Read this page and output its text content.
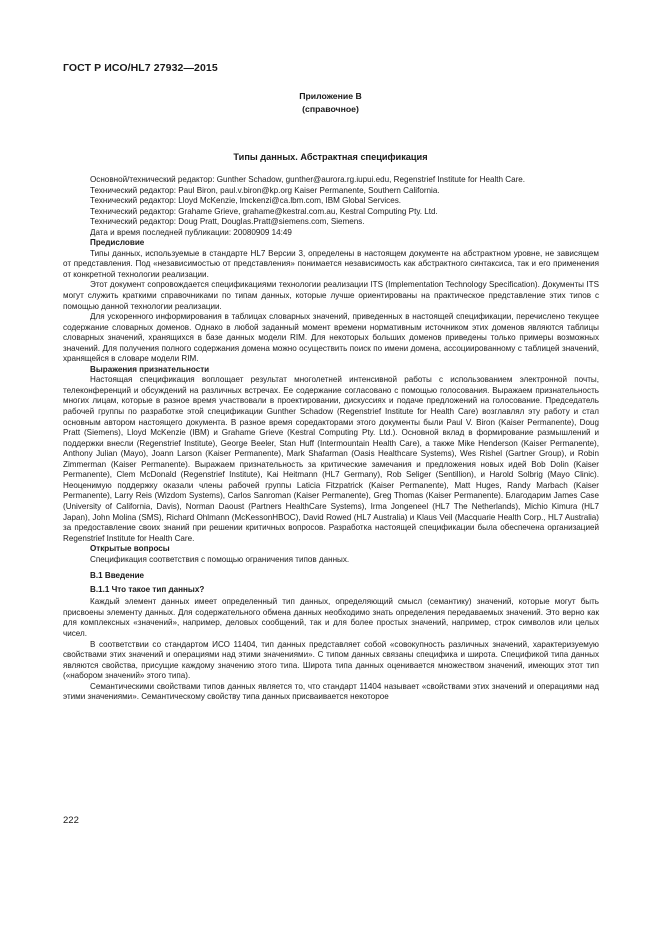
ГОСТ Р ИСО/HL7 27932—2015
Приложение В
(справочное)
Типы данных. Абстрактная спецификация

Основной/технический редактор: Gunther Schadow, gunther@aurora.rg.iupui.edu, Regenstrief Institute for Health Care.

Технический редактор: Paul Biron, paul.v.biron@kp.org Kaiser Permanente, Southern California.

Технический редактор: Lloyd McKenzie, lmckenzi@ca.lbm.com, IBM Global Services.

Технический редактор: Grahame Grieve, grahame@kestral.com.au, Kestral Computing Pty. Ltd.

Технический редактор: Doug Pratt, Douglas.Pratt@siemens.com, Siemens.

Дата и время последней публикации: 20080909 14:49

Предисловие

Типы данных, используемые в стандарте HL7 Версии 3, определены в настоящем документе на абстрактном уровне, не зависящем от представления. Под «независимостью от представления» понимается независимость как абстрактного синтаксиса, так и его применения от конкретной технологии реализации.

Этот документ сопровождается спецификациями технологии реализации ITS (Implementation Technology Specification). Документы ITS могут служить краткими справочниками по типам данных, которые лучше ориентированы на практическое представление этих типов с помощью данной технологии реализации.

Для ускоренного информирования в таблицах словарных значений, приведенных в настоящей спецификации, перечислено текущее содержание словарных доменов. Однако в любой заданный момент времени нормативным источником этих доменов являются таблицы словарных значений, хранящихся в базе данных модели RIM. Для некоторых больших доменов приведены только примеры возможных значений. Для получения полного содержания домена можно осуществить поиск по имени домена, ассоциированному с таблицей значений, хранящейся в словаре модели RIM.

Выражения признательности

Настоящая спецификация воплощает результат многолетней интенсивной работы с использованием электронной почты, телеконференций и обсуждений на различных встречах. Ее содержание согласовано с помощью голосования. Выражаем признательность многих лицам, которые в разное время участвовали в проектировании, дискуссиях и подаче предложений на голосование. Председатель рабочей группы по разработке этой спецификации Gunther Schadow (Regenstrief Institute for Health Care) возглавлял эту работу и стал основным автором настоящего документа. В разное время соредакторами этого документы были Paul V. Biron (Kaiser Permanente), Doug Pratt (Siemens), Lloyd McKenzie (IBM) и Grahame Grieve (Kestral Computing Pty. Ltd.). Основной вклад в формирование размышлений и поддержки внесли (Regenstrief Institute), George Beeler, Stan Huff (Intermountain Health Care), а также Mike Henderson (Kaiser Permanente), Anthony Julian (Mayo), Joann Larson (Kaiser Permanente), Mark Shafarman (Oasis Healthcare Systems), Wes Rishel (Gartner Group), и Robin Zimmerman (Kaiser Permanente). Выражаем признательность за критические замечания и предложения новых идей Bob Dolin (Kaiser Permanente), Clem McDonald (Regenstrief Institute), Kai Heitmann (HL7 Germany), Rob Seliger (Sentillion), и Harold Solbrig (Mayo Clinic). Неоценимую поддержку оказали члены рабочей группы Laticia Fitzpatrick (Kaiser Permanente), Matt Huges, Randy Marbach (Kaiser Permanente), Larry Reis (Wizdom Systems), Carlos Sanroman (Kaiser Permanente), Greg Thomas (Kaiser Permanente). Благодарим James Case (University of California, Davis), Norman Daoust (Partners HealthCare Systems), Irma Jongeneel (HL7 The Netherlands), Michio Kimura (HL7 Japan), John Molina (SMS), Richard Ohlmann (McKessonHBOC), David Rowed (HL7 Australia) и Klaus Veil (Macquarie Health Corp., HL7 Australia) за предоставление своих знаний при решении критичных вопросов. Разработка настоящей спецификации была обеспечена организацией Regenstrief Institute for Health Care.

Открытые вопросы

Спецификация соответствия с помощью ограничения типов данных.

В.1 Введение
В.1.1 Что такое тип данных?

Каждый элемент данных имеет определенный тип данных, определяющий смысл (семантику) значений, которые могут быть присвоены элементу данных. Для содержательного обмена данных необходимо знать определения передаваемых значений. Это верно как для комплексных «значений», например, деловых сообщений, так и для более простых значений, например, строк символов или целых чисел.

В соответствии со стандартом ИСО 11404, тип данных представляет собой «совокупность различных значений, характеризуемую свойствами этих значений и операциями над этими значениями». С типом данных связаны специфика и широта. Спецификой типа данных являются свойства, присущие каждому значению этого типа. Широта типа данных оценивается множеством значений, имеющих этот тип («набором значений» этого типа).

Семантическими свойствами типов данных является то, что стандарт 11404 называет «свойствами этих значений и операциями над этими значениями». Семантическому свойству типа данных присваивается некоторое

222
